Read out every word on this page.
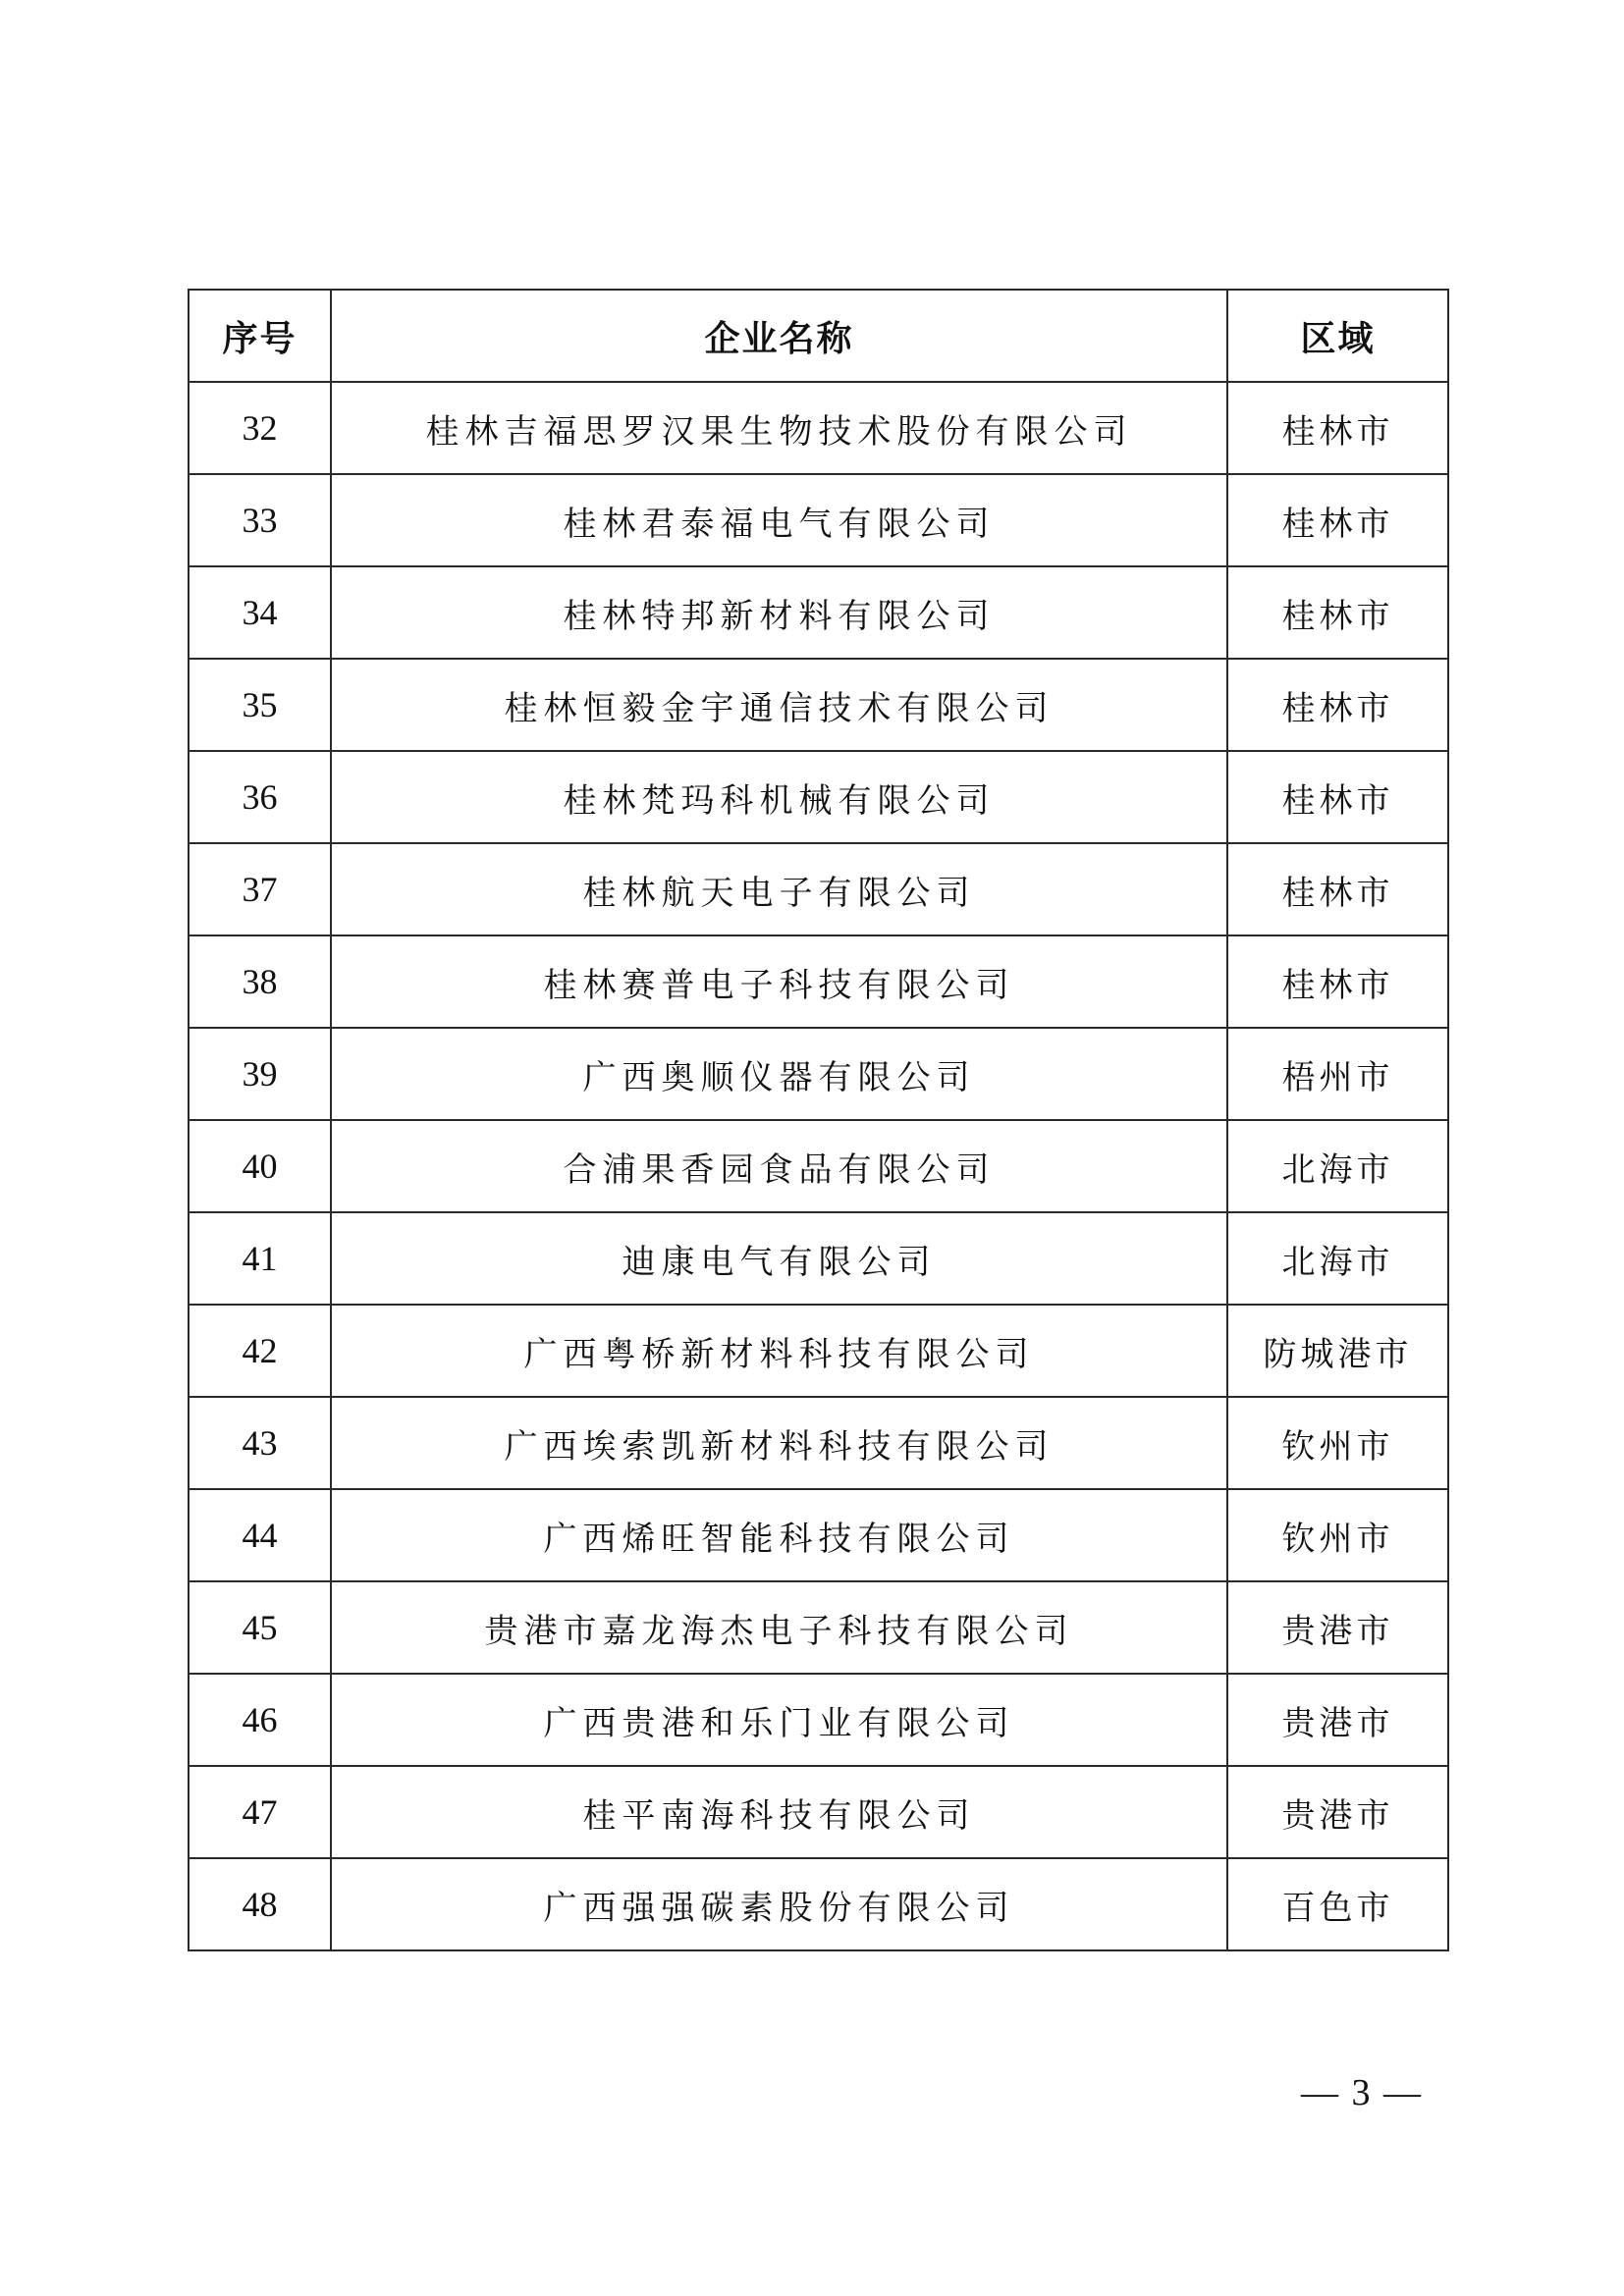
序号	企业名称	区域
32	桂林吉福思罗汉果生物技术股份有限公司	桂林市
33	桂林君泰福电气有限公司	桂林市
34	桂林特邦新材料有限公司	桂林市
35	桂林恒毅金宇通信技术有限公司	桂林市
36	桂林梵玛科机械有限公司	桂林市
37	桂林航天电子有限公司	桂林市
38	桂林赛普电子科技有限公司	桂林市
39	广西奥顺仪器有限公司	梧州市
40	合浦果香园食品有限公司	北海市
41	迪康电气有限公司	北海市
42	广西粤桥新材料科技有限公司	防城港市
43	广西埃索凯新材料科技有限公司	钦州市
44	广西烯旺智能科技有限公司	钦州市
45	贵港市嘉龙海杰电子科技有限公司	贵港市
46	广西贵港和乐门业有限公司	贵港市
47	桂平南海科技有限公司	贵港市
48	广西强强碳素股份有限公司	百色市
— 3 —
